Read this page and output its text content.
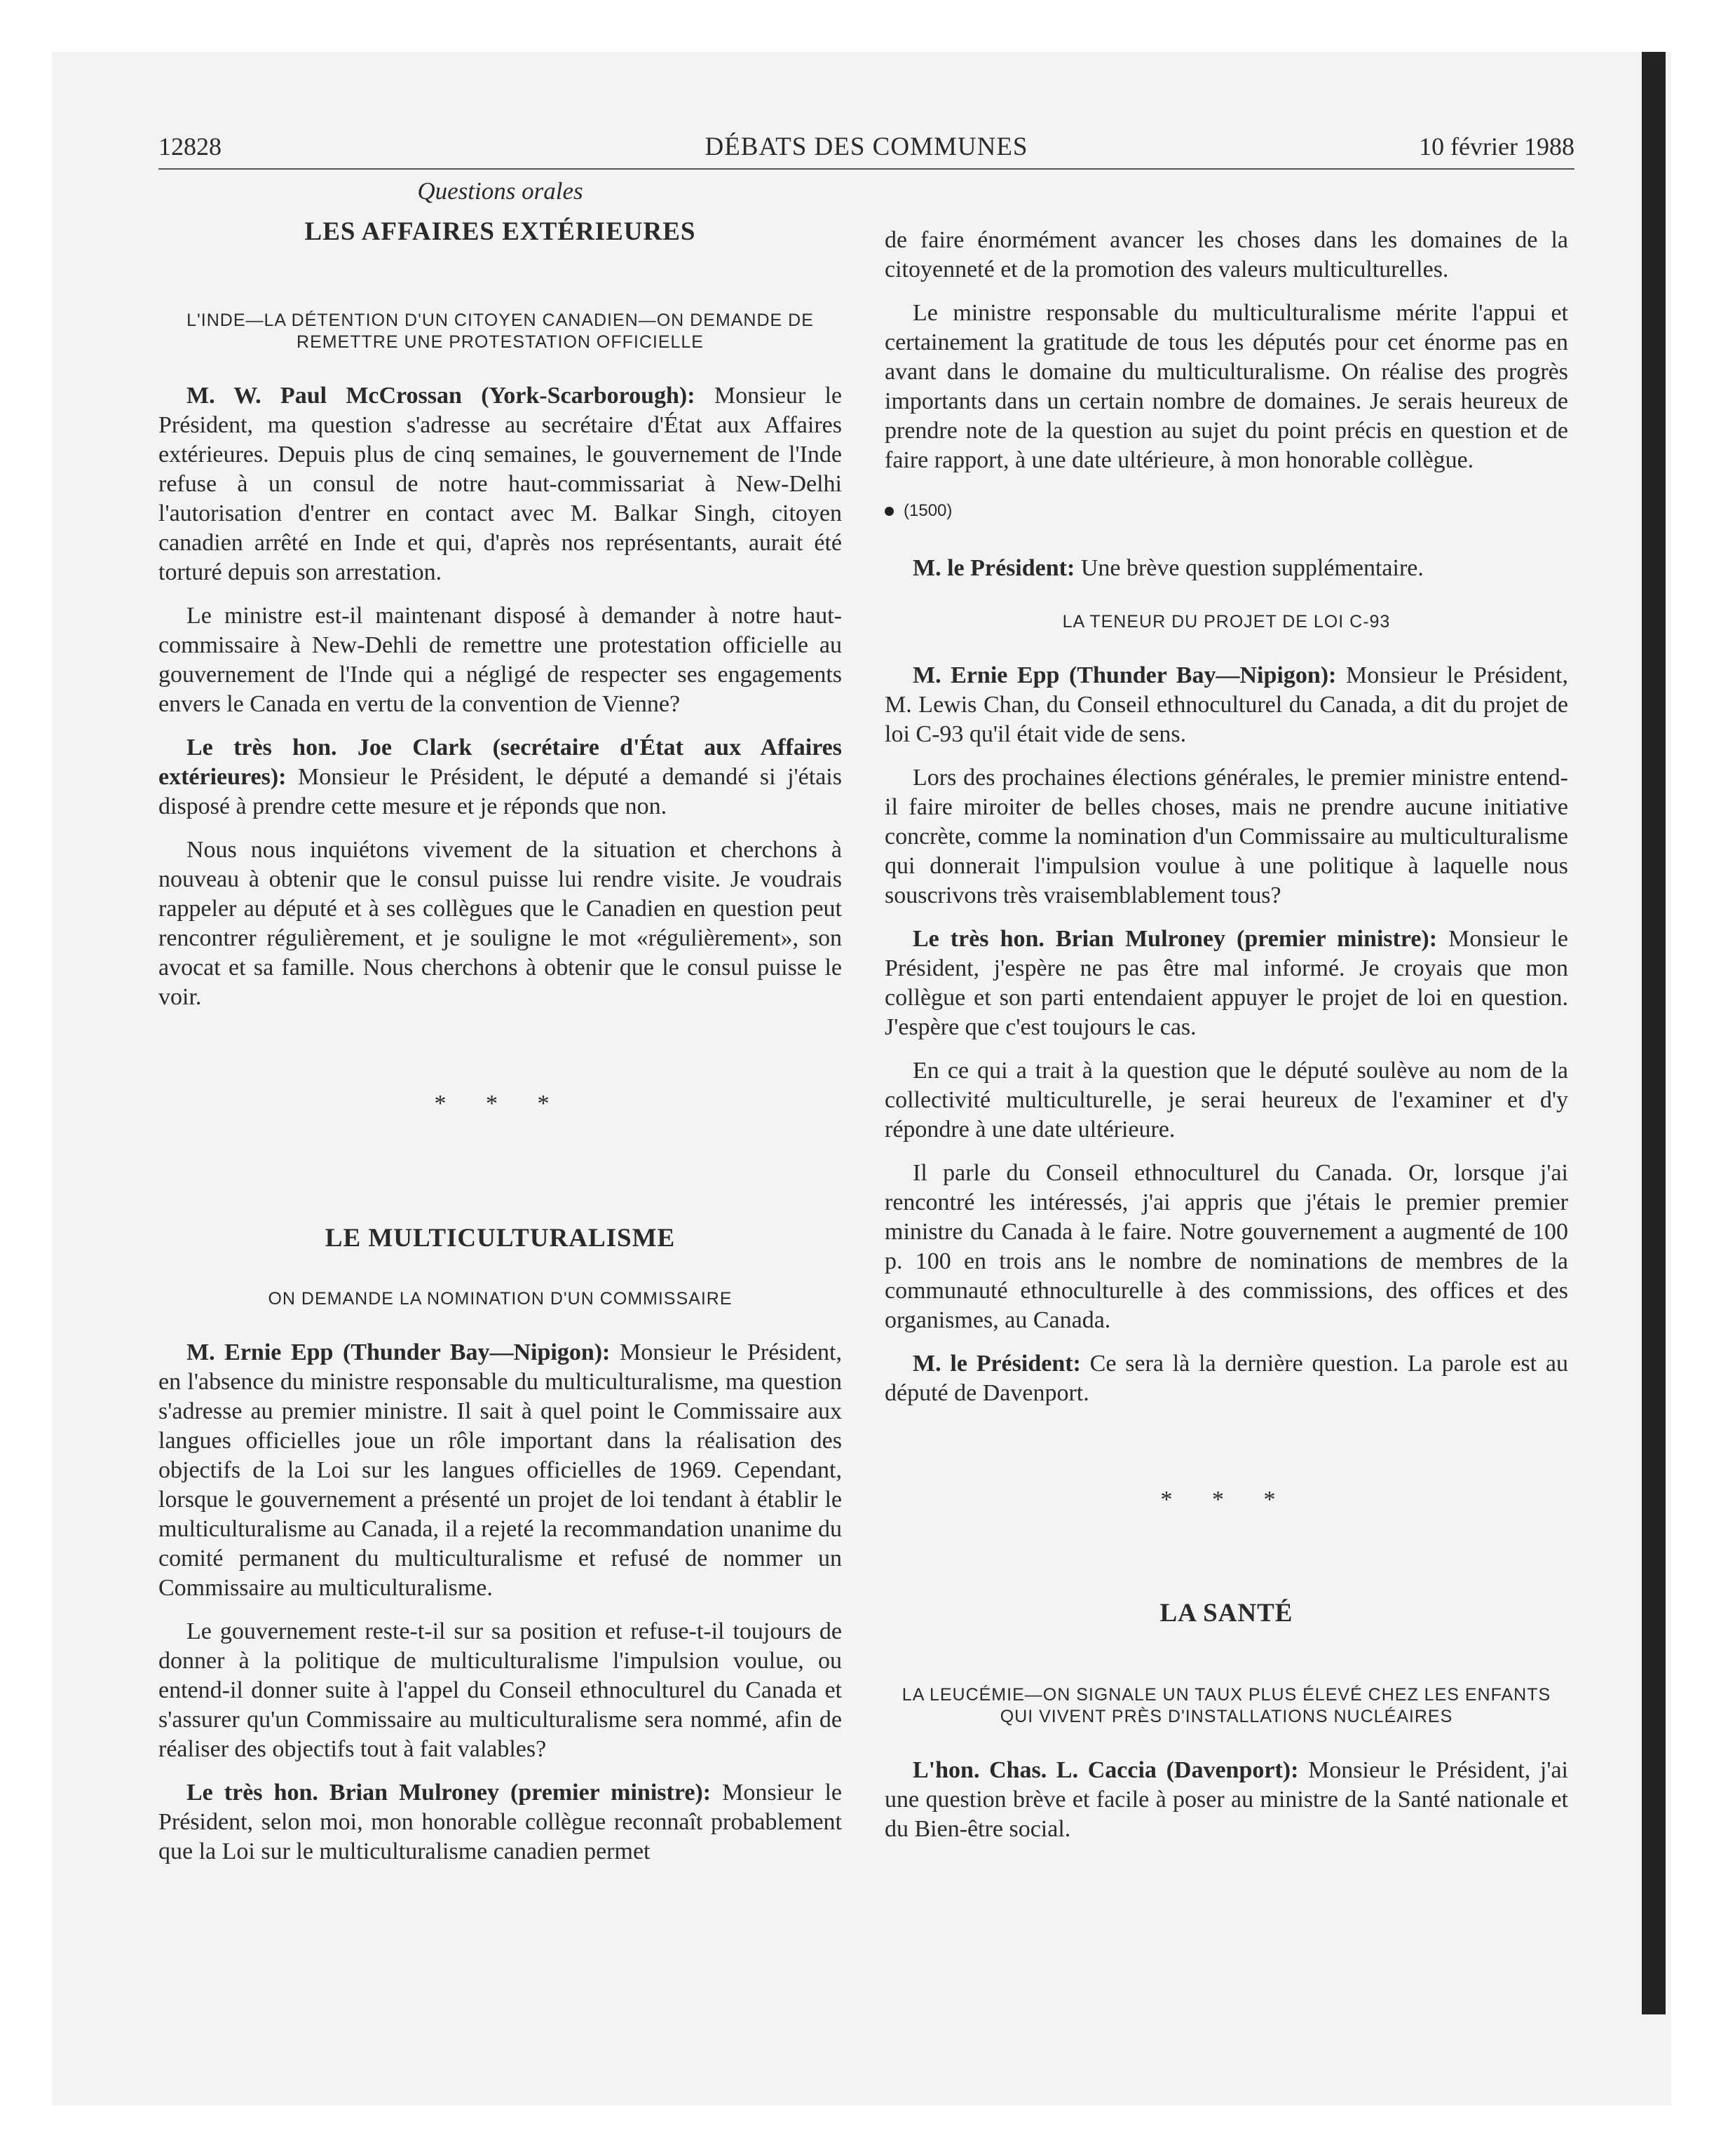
12828	DÉBATS DES COMMUNES	10 février 1988
Questions orales
LES AFFAIRES EXTÉRIEURES
L'INDE—LA DÉTENTION D'UN CITOYEN CANADIEN—ON DEMANDE DE REMETTRE UNE PROTESTATION OFFICIELLE

M. W. Paul McCrossan (York-Scarborough): Monsieur le Président, ma question s'adresse au secrétaire d'État aux Affaires extérieures. Depuis plus de cinq semaines, le gouvernement de l'Inde refuse à un consul de notre haut-commissariat à New-Delhi l'autorisation d'entrer en contact avec M. Balkar Singh, citoyen canadien arrêté en Inde et qui, d'après nos représentants, aurait été torturé depuis son arrestation.

Le ministre est-il maintenant disposé à demander à notre haut-commissaire à New-Dehli de remettre une protestation officielle au gouvernement de l'Inde qui a négligé de respecter ses engagements envers le Canada en vertu de la convention de Vienne?

Le très hon. Joe Clark (secrétaire d'État aux Affaires extérieures): Monsieur le Président, le député a demandé si j'étais disposé à prendre cette mesure et je réponds que non.

Nous nous inquiétons vivement de la situation et cherchons à nouveau à obtenir que le consul puisse lui rendre visite. Je voudrais rappeler au député et à ses collègues que le Canadien en question peut rencontrer régulièrement, et je souligne le mot «régulièrement», son avocat et sa famille. Nous cherchons à obtenir que le consul puisse le voir.

* * *
LE MULTICULTURALISME
ON DEMANDE LA NOMINATION D'UN COMMISSAIRE

M. Ernie Epp (Thunder Bay—Nipigon): Monsieur le Président, en l'absence du ministre responsable du multiculturalisme, ma question s'adresse au premier ministre. Il sait à quel point le Commissaire aux langues officielles joue un rôle important dans la réalisation des objectifs de la Loi sur les langues officielles de 1969. Cependant, lorsque le gouvernement a présenté un projet de loi tendant à établir le multiculturalisme au Canada, il a rejeté la recommandation unanime du comité permanent du multiculturalisme et refusé de nommer un Commissaire au multiculturalisme.

Le gouvernement reste-t-il sur sa position et refuse-t-il toujours de donner à la politique de multiculturalisme l'impulsion voulue, ou entend-il donner suite à l'appel du Conseil ethnoculturel du Canada et s'assurer qu'un Commissaire au multiculturalisme sera nommé, afin de réaliser des objectifs tout à fait valables?

Le très hon. Brian Mulroney (premier ministre): Monsieur le Président, selon moi, mon honorable collègue reconnaît probablement que la Loi sur le multiculturalisme canadien permet

de faire énormément avancer les choses dans les domaines de la citoyenneté et de la promotion des valeurs multiculturelles.

Le ministre responsable du multiculturalisme mérite l'appui et certainement la gratitude de tous les députés pour cet énorme pas en avant dans le domaine du multiculturalisme. On réalise des progrès importants dans un certain nombre de domaines. Je serais heureux de prendre note de la question au sujet du point précis en question et de faire rapport, à une date ultérieure, à mon honorable collègue.

(1500)

M. le Président: Une brève question supplémentaire.

LA TENEUR DU PROJET DE LOI C-93

M. Ernie Epp (Thunder Bay—Nipigon): Monsieur le Président, M. Lewis Chan, du Conseil ethnoculturel du Canada, a dit du projet de loi C-93 qu'il était vide de sens.

Lors des prochaines élections générales, le premier ministre entend-il faire miroiter de belles choses, mais ne prendre aucune initiative concrète, comme la nomination d'un Commissaire au multiculturalisme qui donnerait l'impulsion voulue à une politique à laquelle nous souscrivons très vraisemblablement tous?

Le très hon. Brian Mulroney (premier ministre): Monsieur le Président, j'espère ne pas être mal informé. Je croyais que mon collègue et son parti entendaient appuyer le projet de loi en question. J'espère que c'est toujours le cas.

En ce qui a trait à la question que le député soulève au nom de la collectivité multiculturelle, je serai heureux de l'examiner et d'y répondre à une date ultérieure.

Il parle du Conseil ethnoculturel du Canada. Or, lorsque j'ai rencontré les intéressés, j'ai appris que j'étais le premier premier ministre du Canada à le faire. Notre gouvernement a augmenté de 100 p. 100 en trois ans le nombre de nominations de membres de la communauté ethnoculturelle à des commissions, des offices et des organismes, au Canada.

M. le Président: Ce sera là la dernière question. La parole est au député de Davenport.

* * *
LA SANTÉ
LA LEUCÉMIE—ON SIGNALE UN TAUX PLUS ÉLEVÉ CHEZ LES ENFANTS QUI VIVENT PRÈS D'INSTALLATIONS NUCLÉAIRES

L'hon. Chas. L. Caccia (Davenport): Monsieur le Président, j'ai une question brève et facile à poser au ministre de la Santé nationale et du Bien-être social.
